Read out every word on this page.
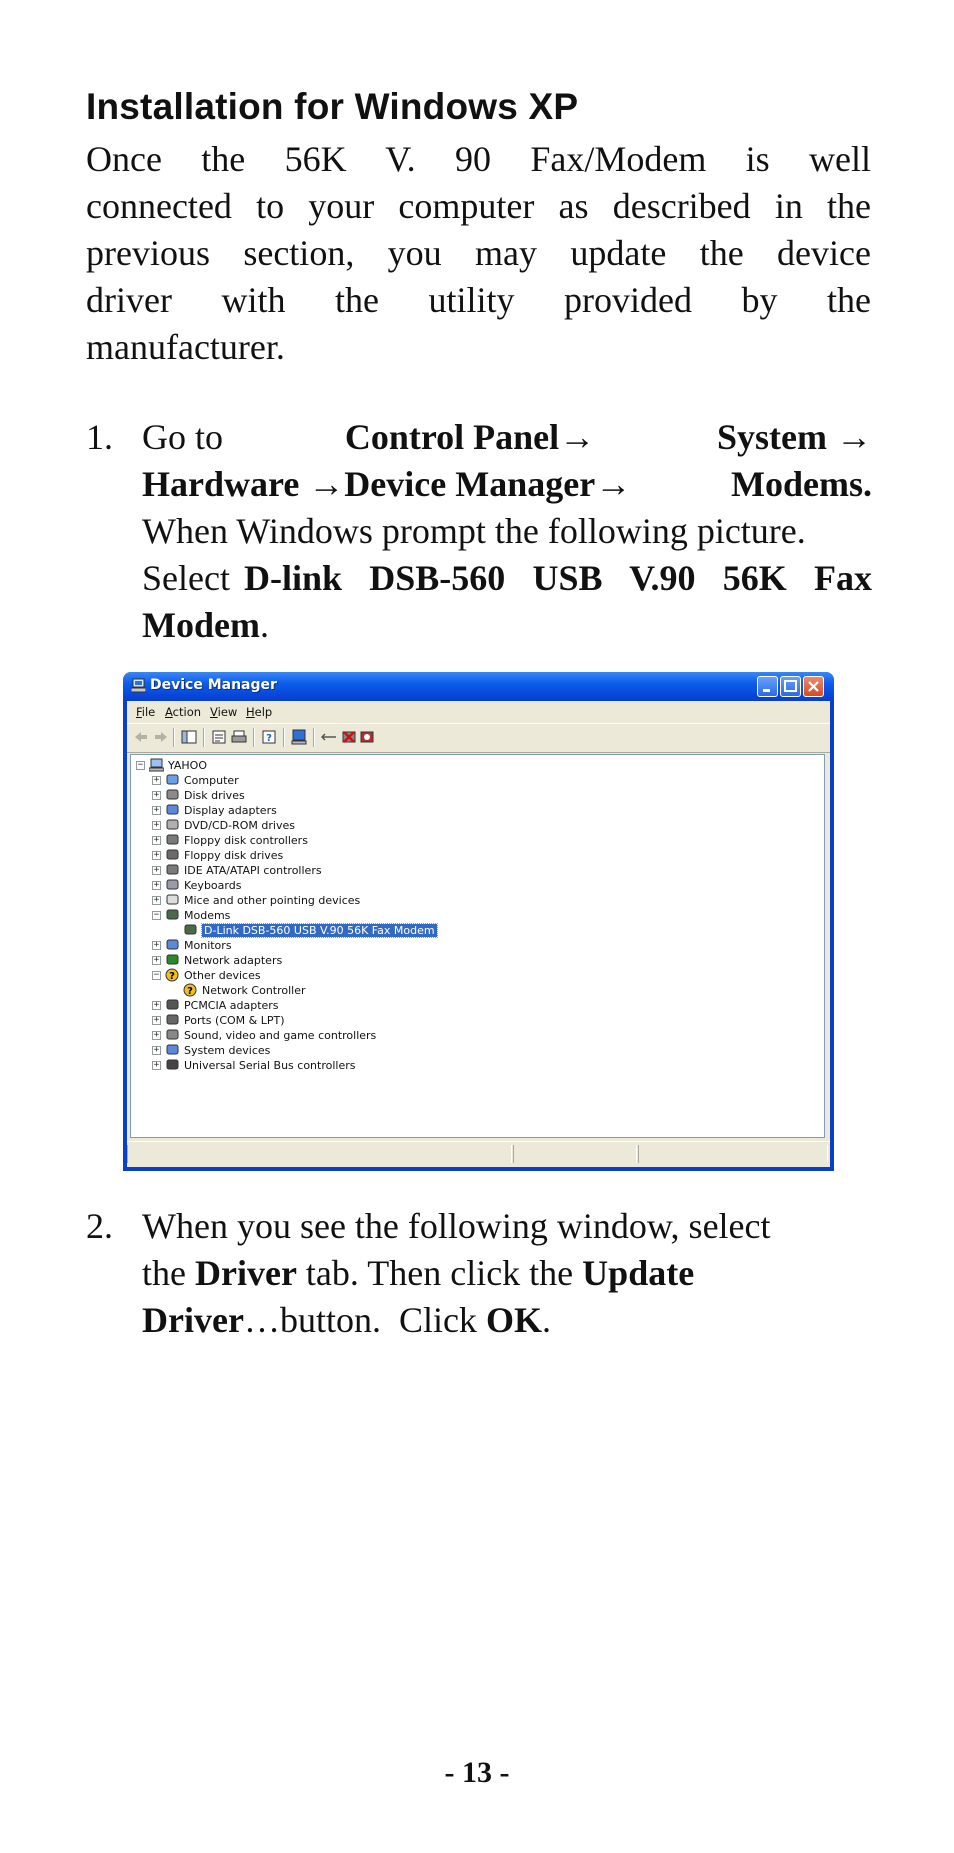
Installation for Windows XP
Once the 56K V. 90 Fax/Modem is well
connected to your computer as described in the
previous section, you may update the device
driver with the utility provided by the
manufacturer.
1. Go to	Control Panel→	System →
Hardware →Device Manager→	Modems.
When Windows prompt the following picture.
Select D-link DSB-560 USB V.90 56K Fax
Modem .
Device Manager
File Action View Help
?
−	YAHOO
+	Computer
+	Disk drives
+	Display adapters
+	DVD/CD-ROM drives
+	Floppy disk controllers
+	Floppy disk drives
+	IDE ATA/ATAPI controllers
+	Keyboards
+	Mice and other pointing devices
−	Modems
D-Link DSB-560 USB V.90 56K Fax Modem
+	Monitors
+	Network adapters
− ? Other devices
? Network Controller
+	PCMCIA adapters
+	Ports (COM & LPT)
+	Sound, video and game controllers
+	System devices
+	Universal Serial Bus controllers
2. When you see the following window, select
the
Driver
tab. Then click the
Update
Driver …button.  Click
OK .
- 13 -
